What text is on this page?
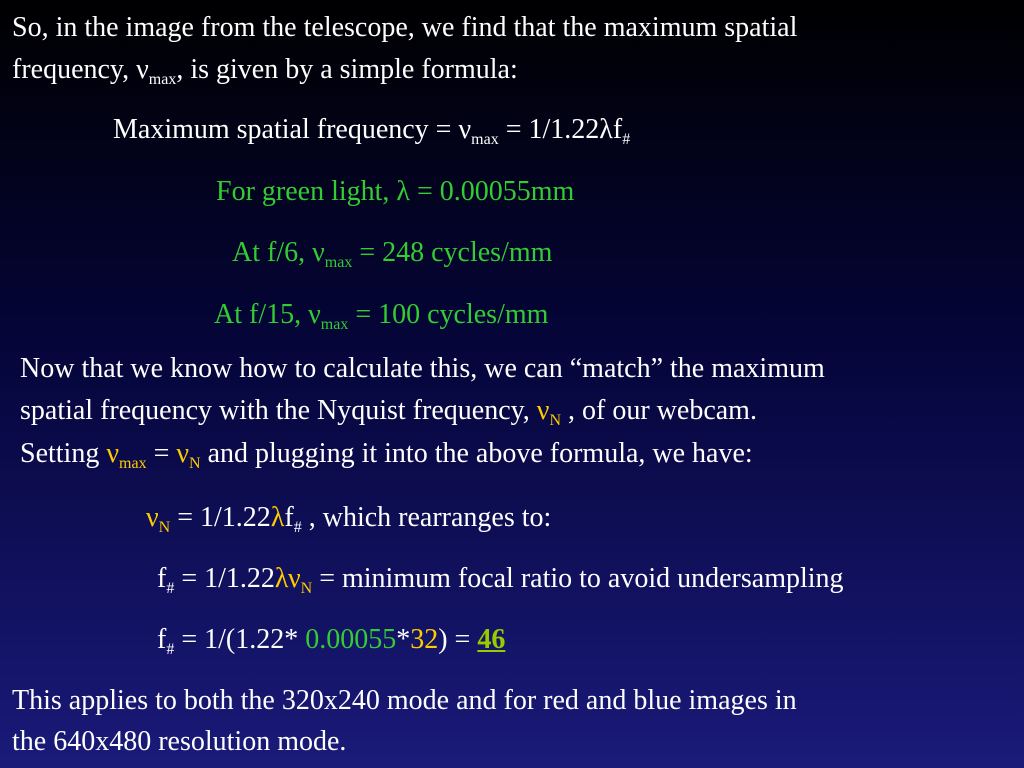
So, in the image from the telescope, we find that the maximum spatial
frequency, $\nu_{max}$, is given by a simple formula:
Maximum spatial frequency = $\nu_{max} = 1/1.22\lambda f_{\#}$
For green light, λ = 0.00055mm
At f/6, $\nu_{max} = 248$ cycles/mm
At f/15, $\nu_{max} = 100$ cycles/mm
Now that we know how to calculate this, we can “match” the maximum
spatial frequency with the Nyquist frequency, $\nu_N$ , of our webcam.
Setting $\nu_{max} = \nu_N$ and plugging it into the above formula, we have:
$\nu_N = 1/1.22\lambda f_{\#}$ , which rearranges to:
$f_{\#} = 1/1.22\lambda\nu_N$ = minimum focal ratio to avoid undersampling
$f_{\#} = 1/(1.22*$ 0.00055*32) = 46
This applies to both the 320x240 mode and for red and blue images in
the 640x480 resolution mode.
